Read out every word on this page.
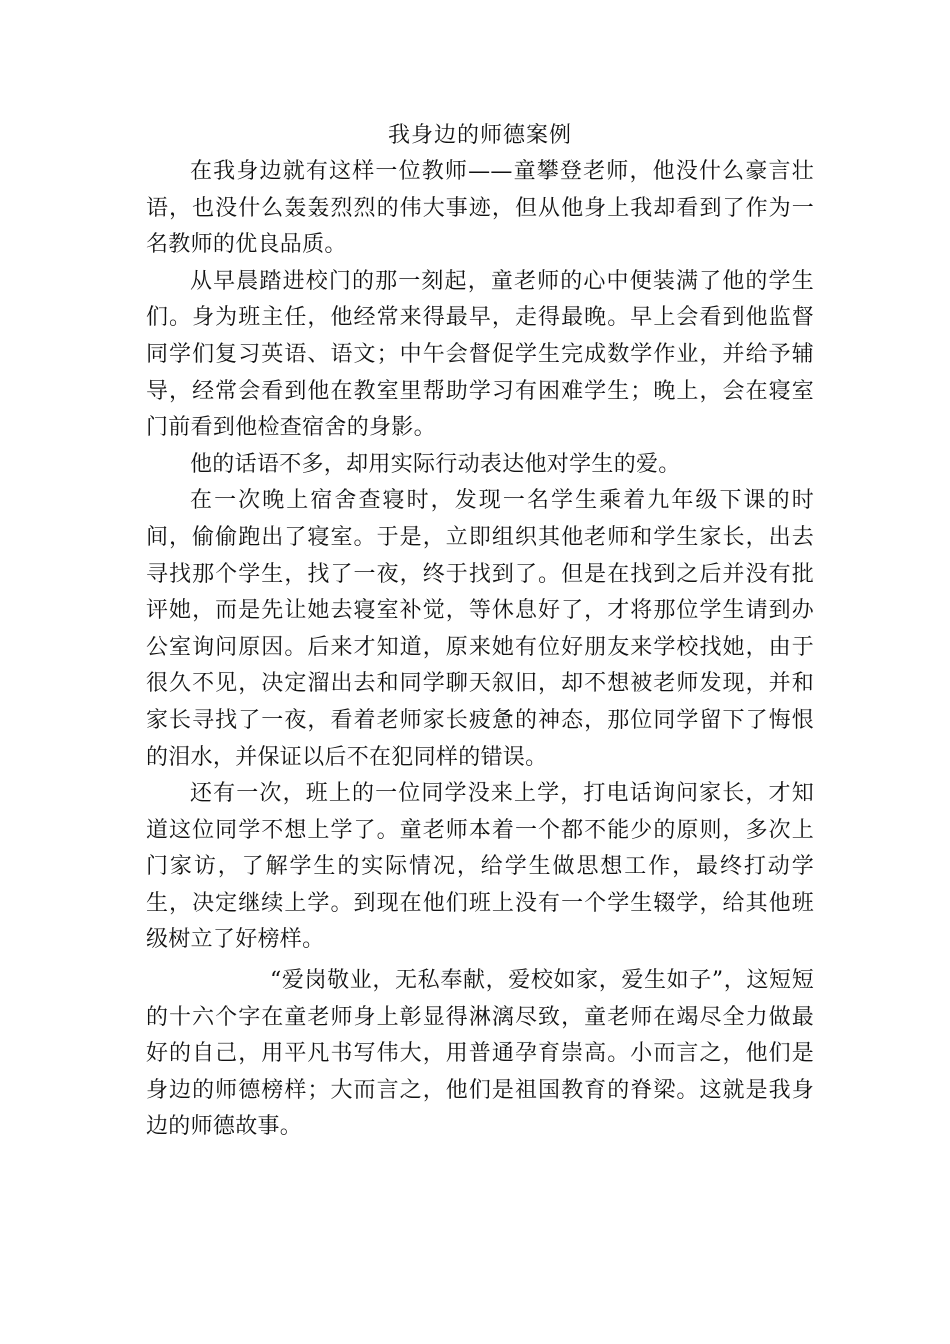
我身边的师德案例

在我身边就有这样一位教师——童攀登老师，他没什么豪言壮语，也没什么轰轰烈烈的伟大事迹，但从他身上我却看到了作为一名教师的优良品质。

从早晨踏进校门的那一刻起，童老师的心中便装满了他的学生们。身为班主任，他经常来得最早，走得最晚。早上会看到他监督同学们复习英语、语文；中午会督促学生完成数学作业，并给予辅导，经常会看到他在教室里帮助学习有困难学生；晚上，会在寝室门前看到他检查宿舍的身影。

他的话语不多，却用实际行动表达他对学生的爱。

在一次晚上宿舍查寝时，发现一名学生乘着九年级下课的时间，偷偷跑出了寝室。于是，立即组织其他老师和学生家长，出去寻找那个学生，找了一夜，终于找到了。但是在找到之后并没有批评她，而是先让她去寝室补觉，等休息好了，才将那位学生请到办公室询问原因。后来才知道，原来她有位好朋友来学校找她，由于很久不见，决定溜出去和同学聊天叙旧，却不想被老师发现，并和家长寻找了一夜，看着老师家长疲惫的神态，那位同学留下了悔恨的泪水，并保证以后不在犯同样的错误。

还有一次，班上的一位同学没来上学，打电话询问家长，才知道这位同学不想上学了。童老师本着一个都不能少的原则，多次上门家访，了解学生的实际情况，给学生做思想工作，最终打动学生，决定继续上学。到现在他们班上没有一个学生辍学，给其他班级树立了好榜样。

“爱岗敬业，无私奉献，爱校如家，爱生如子”，这短短的十六个字在童老师身上彰显得淋漓尽致，童老师在竭尽全力做最好的自己，用平凡书写伟大，用普通孕育崇高。小而言之，他们是身边的师德榜样；大而言之，他们是祖国教育的脊梁。这就是我身边的师德故事。
